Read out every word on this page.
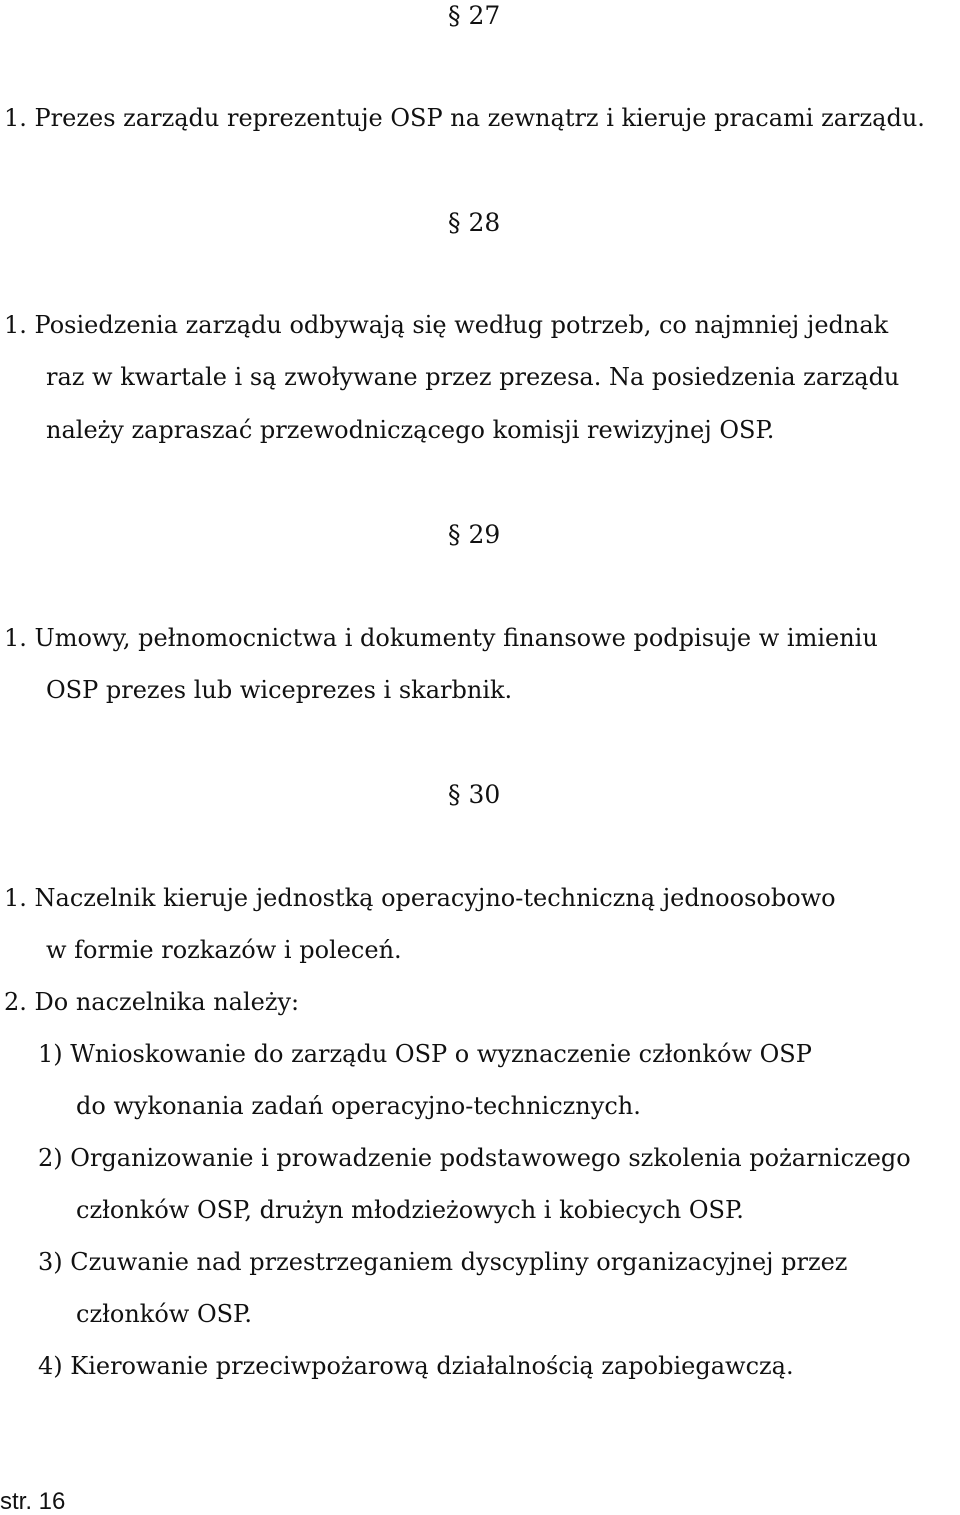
§ 27
1. Prezes zarządu reprezentuje OSP na zewnątrz i kieruje pracami zarządu.
§ 28
1. Posiedzenia zarządu odbywają się według potrzeb, co najmniej jednak
raz w kwartale i są zwoływane przez prezesa. Na posiedzenia zarządu
należy zapraszać przewodniczącego komisji rewizyjnej OSP.
§ 29
1. Umowy, pełnomocnictwa i dokumenty finansowe podpisuje w imieniu
OSP prezes lub wiceprezes i skarbnik.
§ 30
1. Naczelnik kieruje jednostką operacyjno-techniczną jednoosobowo
w formie rozkazów i poleceń.
2. Do naczelnika należy:
1) Wnioskowanie do zarządu OSP o wyznaczenie członków OSP
do wykonania zadań operacyjno-technicznych.
2) Organizowanie i prowadzenie podstawowego szkolenia pożarniczego
członków OSP, drużyn młodzieżowych i kobiecych OSP.
3) Czuwanie nad przestrzeganiem dyscypliny organizacyjnej przez
członków OSP.
4) Kierowanie przeciwpożarową działalnością zapobiegawczą.
str. 16
